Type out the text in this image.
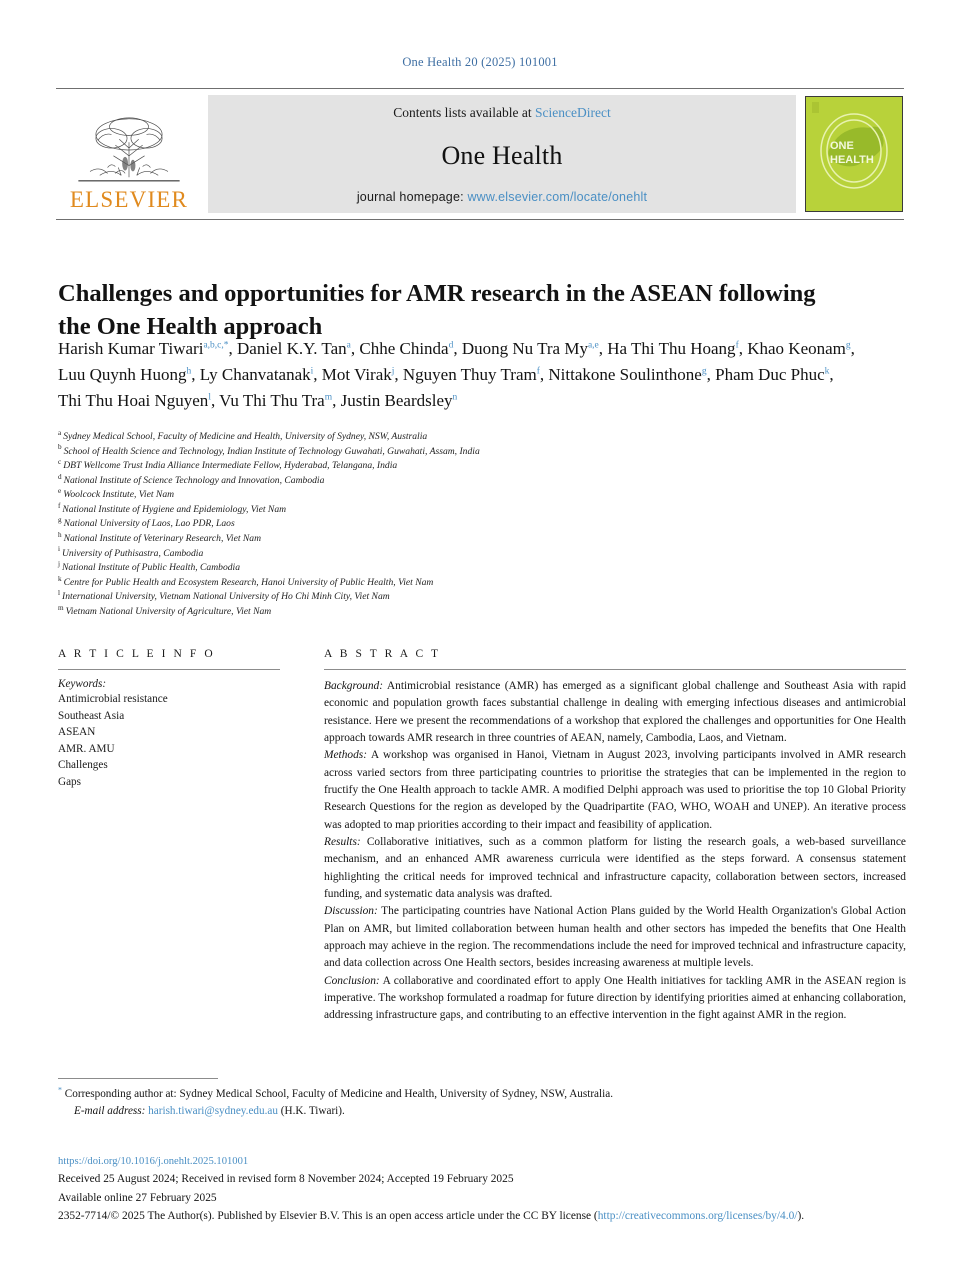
One Health 20 (2025) 101001
ELSEVIER
Contents lists available at ScienceDirect
One Health
journal homepage: www.elsevier.com/locate/onehlt
ONE
HEALTH
Challenges and opportunities for AMR research in the ASEAN following the One Health approach
Harish Kumar Tiwari$^{a,b,c,*}$, Daniel K.Y. Tan$^a$, Chhe Chinda$^d$, Duong Nu Tra My$^{a,e}$, Ha Thi Thu Hoang$^f$, Khao Keonam$^g$, Luu Quynh Huong$^h$, Ly Chanvatanak$^i$, Mot Virak$^j$, Nguyen Thuy Tram$^f$, Nittakone Soulinthone$^g$, Pham Duc Phuc$^k$, Thi Thu Hoai Nguyen$^l$, Vu Thi Thu Tra$^m$, Justin Beardsley$^n$
$^a$ Sydney Medical School, Faculty of Medicine and Health, University of Sydney, NSW, Australia
$^b$ School of Health Science and Technology, Indian Institute of Technology Guwahati, Guwahati, Assam, India
$^c$ DBT Wellcome Trust India Alliance Intermediate Fellow, Hyderabad, Telangana, India
$^d$ National Institute of Science Technology and Innovation, Cambodia
$^e$ Woolcock Institute, Viet Nam
$^f$ National Institute of Hygiene and Epidemiology, Viet Nam
$^g$ National University of Laos, Lao PDR, Laos
$^h$ National Institute of Veterinary Research, Viet Nam
$^i$ University of Puthisastra, Cambodia
$^j$ National Institute of Public Health, Cambodia
$^k$ Centre for Public Health and Ecosystem Research, Hanoi University of Public Health, Viet Nam
$^l$ International University, Vietnam National University of Ho Chi Minh City, Viet Nam
$^m$ Vietnam National University of Agriculture, Viet Nam
A R T I C L E I N F O
Keywords:
Antimicrobial resistance
Southeast Asia
ASEAN
AMR. AMU
Challenges
Gaps
A B S T R A C T

Background: Antimicrobial resistance (AMR) has emerged as a significant global challenge and Southeast Asia with rapid economic and population growth faces substantial challenge in dealing with emerging infectious diseases and antimicrobial resistance. Here we present the recommendations of a workshop that explored the challenges and opportunities for One Health approach towards AMR research in three countries of AEAN, namely, Cambodia, Laos, and Vietnam.

Methods: A workshop was organised in Hanoi, Vietnam in August 2023, involving participants involved in AMR research across varied sectors from three participating countries to prioritise the strategies that can be implemented in the region to fructify the One Health approach to tackle AMR. A modified Delphi approach was used to prioritise the top 10 Global Priority Research Questions for the region as developed by the Quadripartite (FAO, WHO, WOAH and UNEP). An iterative process was adopted to map priorities according to their impact and feasibility of application.

Results: Collaborative initiatives, such as a common platform for listing the research goals, a web-based surveillance mechanism, and an enhanced AMR awareness curricula were identified as the steps forward. A consensus statement highlighting the critical needs for improved technical and infrastructure capacity, collaboration between sectors, increased funding, and systematic data analysis was drafted.

Discussion: The participating countries have National Action Plans guided by the World Health Organization's Global Action Plan on AMR, but limited collaboration between human health and other sectors has impeded the benefits that One Health approach may achieve in the region. The recommendations include the need for improved technical and infrastructure capacity, and data collection across One Health sectors, besides increasing awareness at multiple levels.

Conclusion: A collaborative and coordinated effort to apply One Health initiatives for tackling AMR in the ASEAN region is imperative. The workshop formulated a roadmap for future direction by identifying priorities aimed at enhancing collaboration, addressing infrastructure gaps, and contributing to an effective intervention in the fight against AMR in the region.

* Corresponding author at: Sydney Medical School, Faculty of Medicine and Health, University of Sydney, NSW, Australia.
E-mail address: harish.tiwari@sydney.edu.au (H.K. Tiwari).
https://doi.org/10.1016/j.onehlt.2025.101001
Received 25 August 2024; Received in revised form 8 November 2024; Accepted 19 February 2025
Available online 27 February 2025
2352-7714/© 2025 The Author(s). Published by Elsevier B.V. This is an open access article under the CC BY license (http://creativecommons.org/licenses/by/4.0/).
